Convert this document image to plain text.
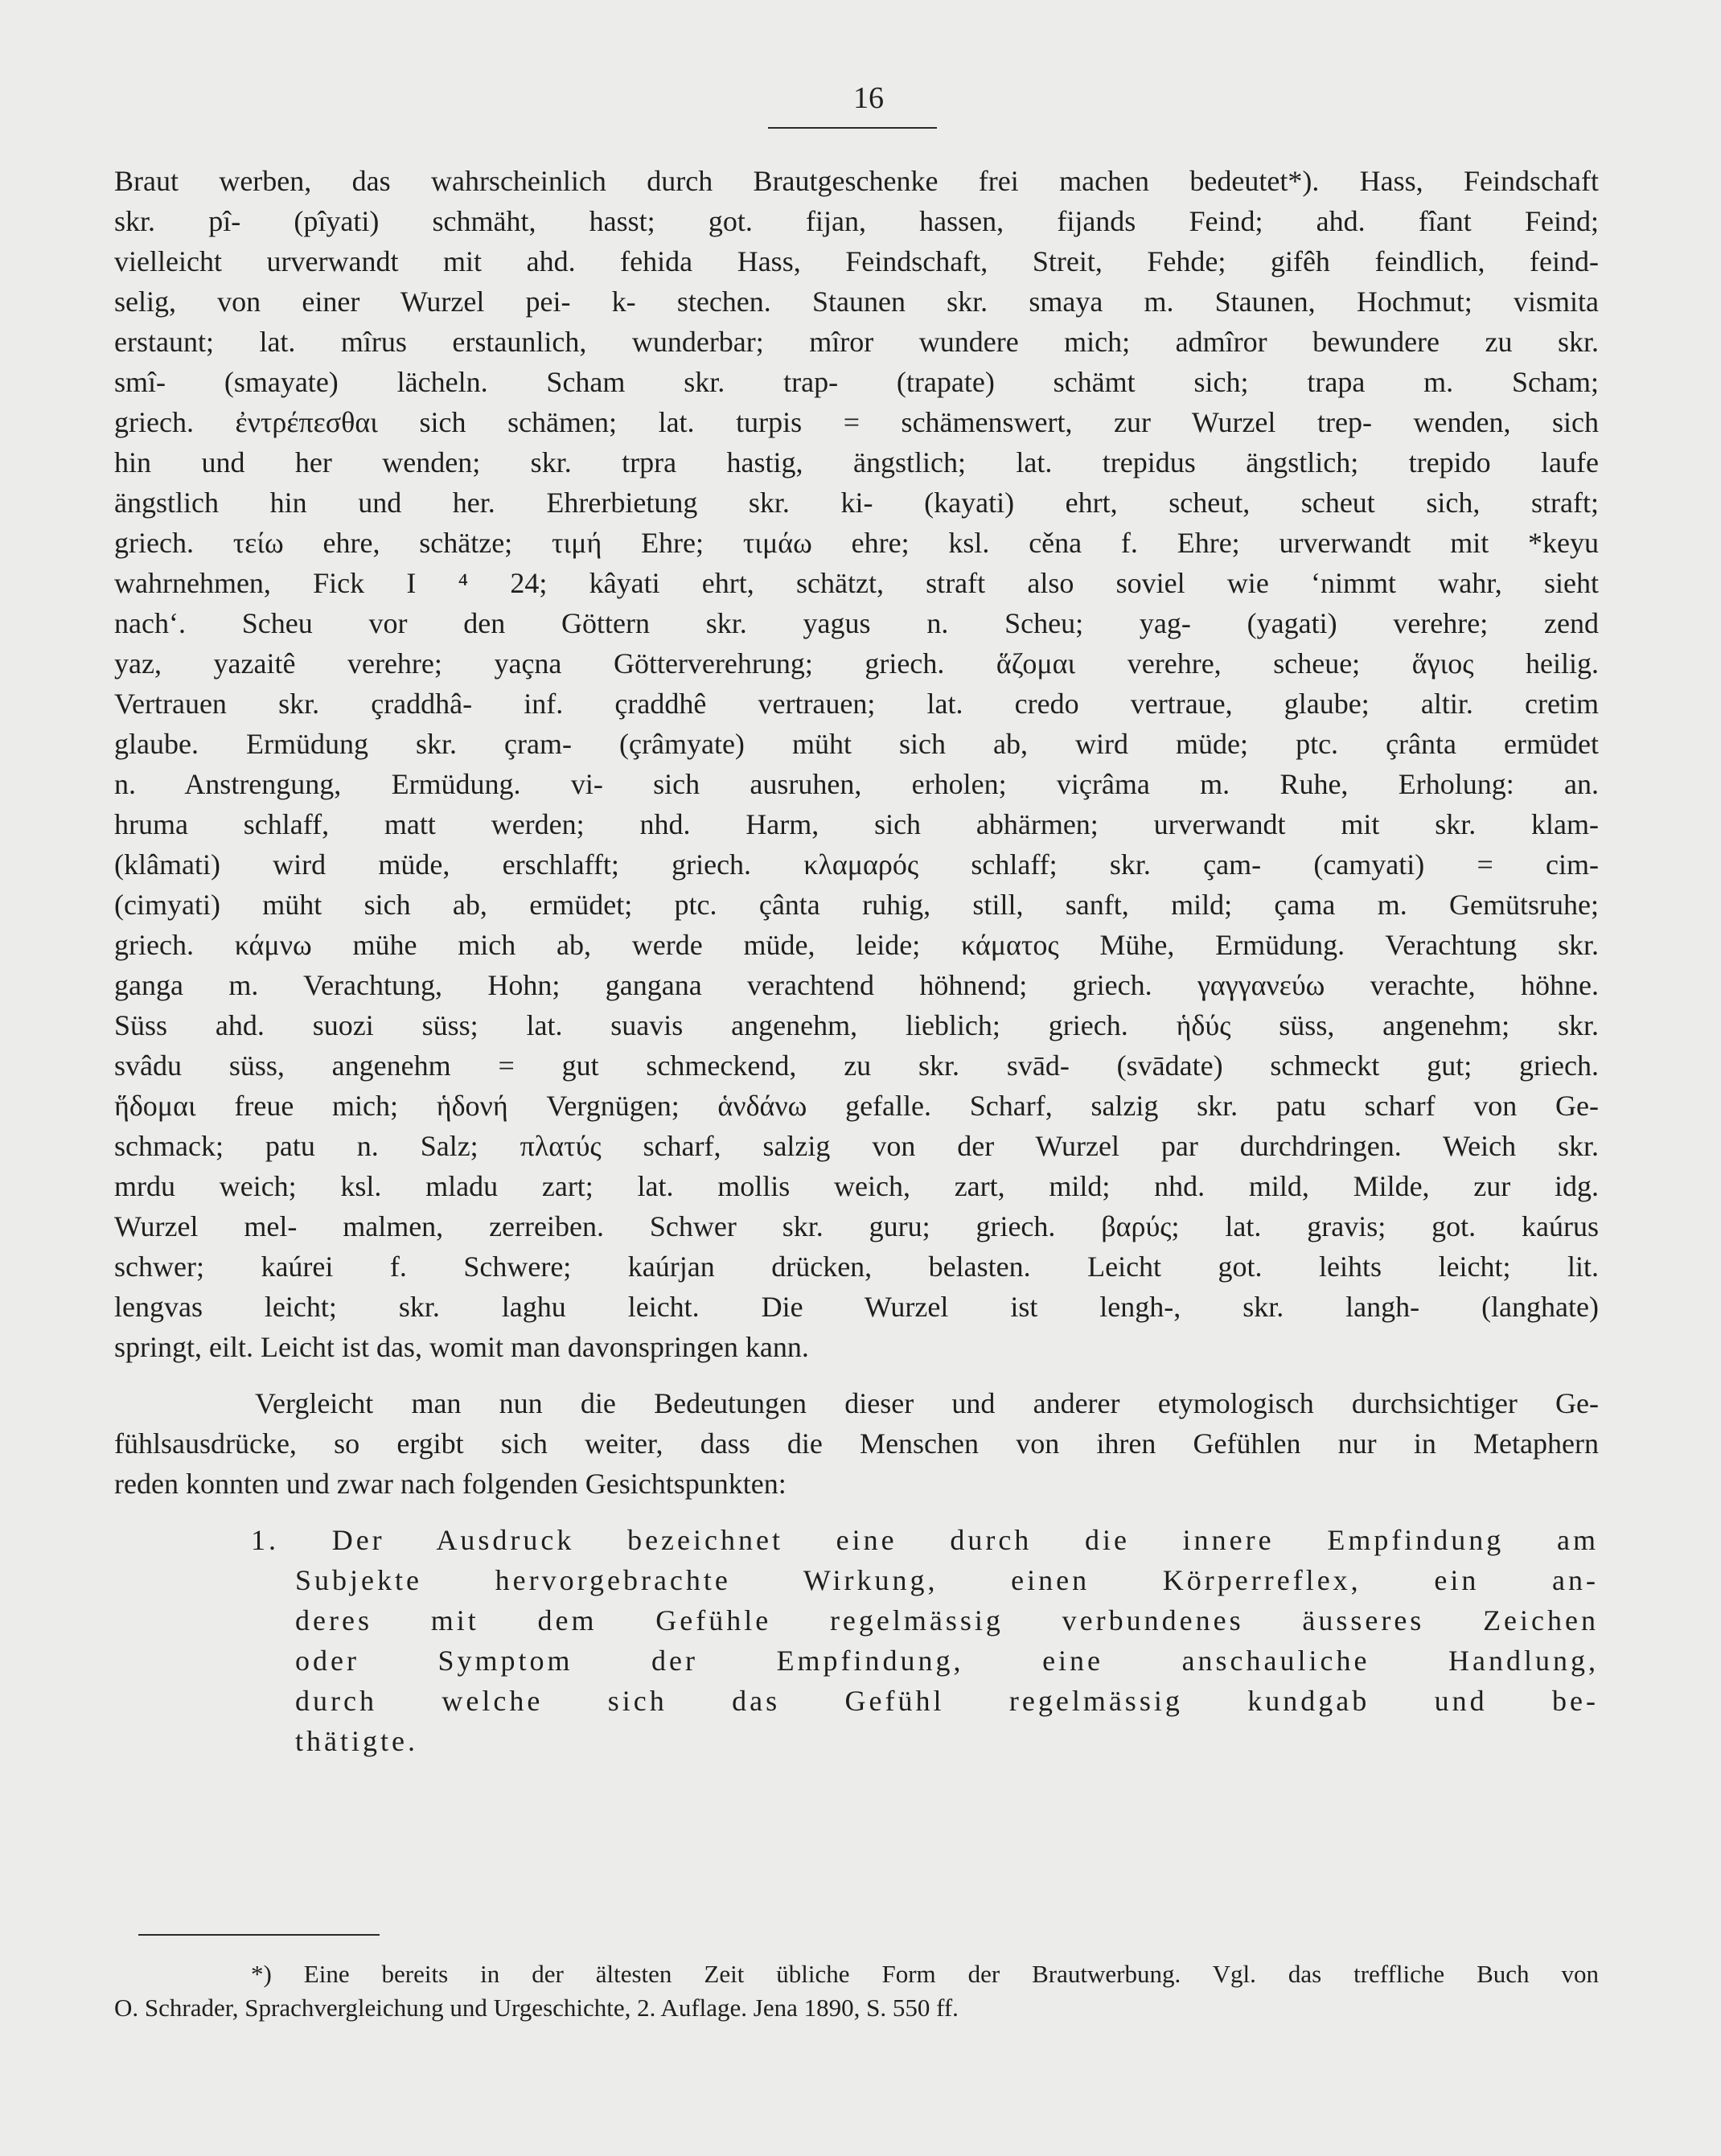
16
Braut werben, das wahrscheinlich durch Brautgeschenke frei machen bedeutet*). Hass, Feindschaft
skr. pî- (pîyati) schmäht, hasst; got. fijan, hassen, fijands Feind; ahd. fîant Feind;
vielleicht urverwandt mit ahd. fehida Hass, Feindschaft, Streit, Fehde; gifêh feindlich, feind-
selig, von einer Wurzel pei- k- stechen. Staunen skr. smaya m. Staunen, Hochmut; vismita
erstaunt; lat. mîrus erstaunlich, wunderbar; mîror wundere mich; admîror bewundere zu skr.
smî- (smayate) lächeln. Scham skr. trap- (trapate) schämt sich; trapa m. Scham;
griech. ἐντρέπεσθαι sich schämen; lat. turpis = schämenswert, zur Wurzel trep- wenden, sich
hin und her wenden; skr. trpra hastig, ängstlich; lat. trepidus ängstlich; trepido laufe
ängstlich hin und her. Ehrerbietung skr. ki- (kayati) ehrt, scheut, scheut sich, straft;
griech. τείω ehre, schätze; τιμή Ehre; τιμάω ehre; ksl. cěna f. Ehre; urverwandt mit *keyu
wahrnehmen, Fick I ⁴ 24; kâyati ehrt, schätzt, straft also soviel wie ‘nimmt wahr, sieht
nach‘. Scheu vor den Göttern skr. yagus n. Scheu; yag- (yagati) verehre; zend
yaz, yazaitê verehre; yaçna Götterverehrung; griech. ἅζομαι verehre, scheue; ἅγιος heilig.
Vertrauen skr. çraddhâ- inf. çraddhê vertrauen; lat. credo vertraue, glaube; altir. cretim
glaube. Ermüdung skr. çram- (çrâmyate) müht sich ab, wird müde; ptc. çrânta ermüdet
n. Anstrengung, Ermüdung. vi- sich ausruhen, erholen; viçrâma m. Ruhe, Erholung: an.
hruma schlaff, matt werden; nhd. Harm, sich abhärmen; urverwandt mit skr. klam-
(klâmati) wird müde, erschlafft; griech. κλαμαρός schlaff; skr. çam- (camyati) = cim-
(cimyati) müht sich ab, ermüdet; ptc. çânta ruhig, still, sanft, mild; çama m. Gemütsruhe;
griech. κάμνω mühe mich ab, werde müde, leide; κάματος Mühe, Ermüdung. Verachtung skr.
ganga m. Verachtung, Hohn; gangana verachtend höhnend; griech. γαγγανεύω verachte, höhne.
Süss ahd. suozi süss; lat. suavis angenehm, lieblich; griech. ἡδύς süss, angenehm; skr.
svâdu süss, angenehm = gut schmeckend, zu skr. svād- (svādate) schmeckt gut; griech.
ἥδομαι freue mich; ἡδονή Vergnügen; ἁνδάνω gefalle. Scharf, salzig skr. patu scharf von Ge-
schmack; patu n. Salz; πλατύς scharf, salzig von der Wurzel par durchdringen. Weich skr.
mrdu weich; ksl. mladu zart; lat. mollis weich, zart, mild; nhd. mild, Milde, zur idg.
Wurzel mel- malmen, zerreiben. Schwer skr. guru; griech. βαρύς; lat. gravis; got. kaúrus
schwer; kaúrei f. Schwere; kaúrjan drücken, belasten. Leicht got. leihts leicht; lit.
lengvas leicht; skr. laghu leicht. Die Wurzel ist lengh-, skr. langh- (langhate)
springt, eilt. Leicht ist das, womit man davonspringen kann.
Vergleicht man nun die Bedeutungen dieser und anderer etymologisch durchsichtiger Ge-
fühlsausdrücke, so ergibt sich weiter, dass die Menschen von ihren Gefühlen nur in Metaphern
reden konnten und zwar nach folgenden Gesichtspunkten:
1. Der Ausdruck bezeichnet eine durch die innere Empfindung am
Subjekte hervorgebrachte Wirkung, einen Körperreflex, ein an-
deres mit dem Gefühle regelmässig verbundenes äusseres Zeichen
oder Symptom der Empfindung, eine anschauliche Handlung,
durch welche sich das Gefühl regelmässig kundgab und be-
thätigte.
*) Eine bereits in der ältesten Zeit übliche Form der Brautwerbung. Vgl. das treffliche Buch von
O. Schrader, Sprachvergleichung und Urgeschichte, 2. Auflage. Jena 1890, S. 550 ff.
